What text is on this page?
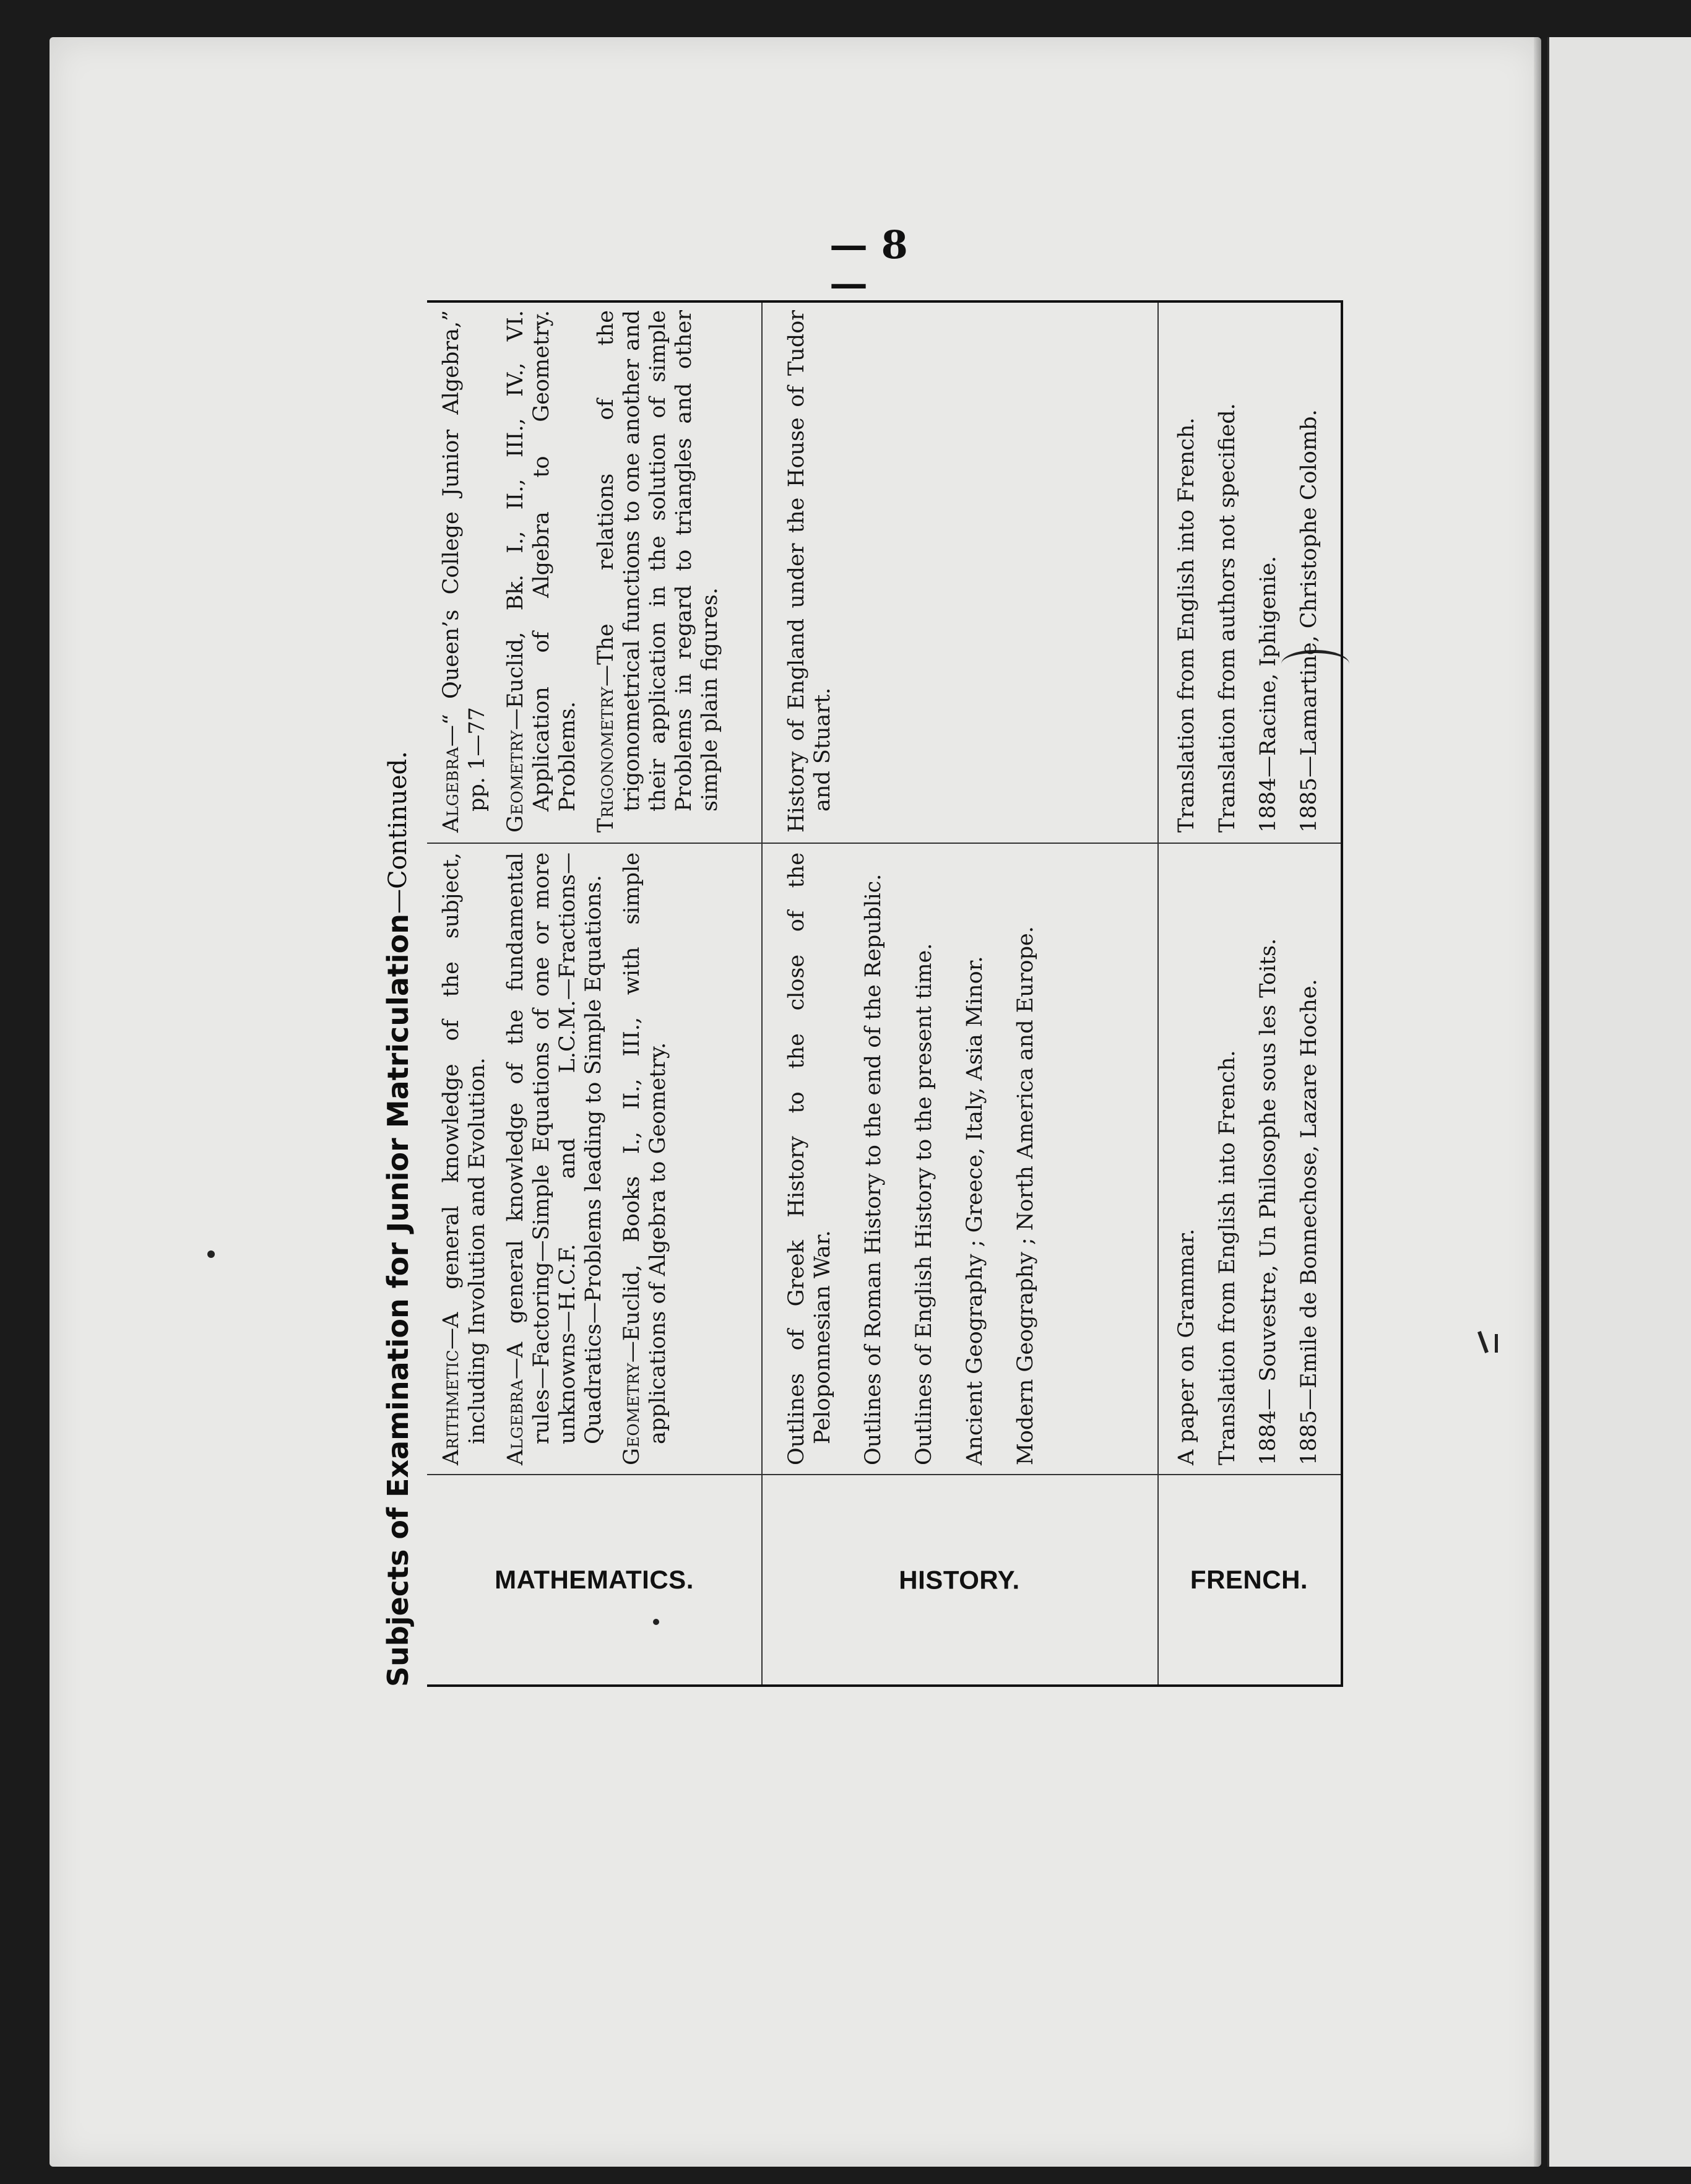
— 8 —
Subjects of Examination for Junior Matriculation
—Continued.
MATHEMATICS.

Arithmetic—A general knowledge of the subject, including Involution and Evolution. Algebra—A general knowledge of the fundamental rules—Factoring—Simple Equations of one or more unknowns—H.C.F. and L.C.M.—Fractions—Quadratics—Problems leading to Simple Equations. Geometry—Euclid, Books I., II., III., with simple applications of Algebra to Geometry.

Algebra—“ Queen’s College Junior Algebra,” pp. 1—77 Geometry—Euclid, Bk. I., II., III., IV., VI. Application of Algebra to Geometry. Problems. Trigonometry—The relations of the trigonometrical functions to one another and their application in the solution of simple Problems in regard to triangles and other simple plain figures.

HISTORY.

Outlines of Greek History to the close of the Peloponnesian War. Outlines of Roman History to the end of the Republic. Outlines of English History to the present time. Ancient Geography ; Greece, Italy, Asia Minor. Modern Geography ; North America and Europe.

History of England under the House of Tudor and Stuart.

FRENCH.

A paper on Grammar. Translation from English into French. 1884— Souvestre, Un Philosophe sous les Toits. 1885—Emile de Bonnechose, Lazare Hoche.

Translation from English into French. Translation from authors not specified. 1884—Racine, Iphigenie. 1885—Lamartine, Christophe Colomb.
